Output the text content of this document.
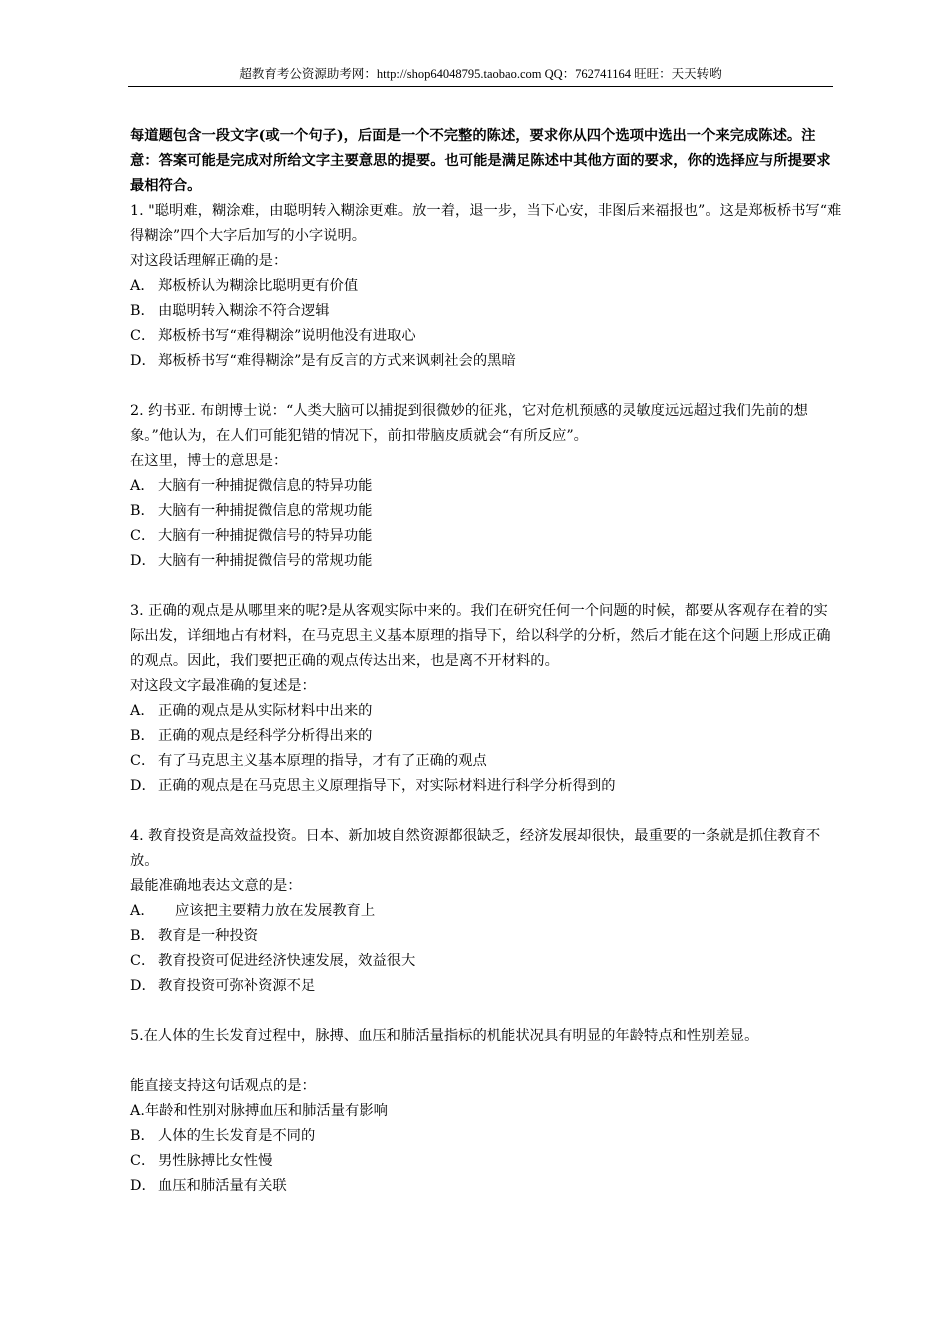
超教育考公资源助考网：http://shop64048795.taobao.com QQ：762741164 旺旺：天天转哟
每道题包含一段文字(或一个句子)，后面是一个不完整的陈述，要求你从四个选项中选出一个来完成陈述。注意：答案可能是完成对所给文字主要意思的提要。也可能是满足陈述中其他方面的要求，你的选择应与所提要求最相符合。
1. "聪明难，糊涂难，由聪明转入糊涂更难。放一着，退一步，当下心安，非图后来福报也”。这是郑板桥书写“难得糊涂”四个大字后加写的小字说明。
对这段话理解正确的是：
A． 郑板桥认为糊涂比聪明更有价值
B． 由聪明转入糊涂不符合逻辑
C． 郑板桥书写“难得糊涂”说明他没有进取心
D． 郑板桥书写“难得糊涂”是有反言的方式来讽刺社会的黑暗
2. 约书亚. 布朗博士说：“人类大脑可以捕捉到很微妙的征兆，它对危机预感的灵敏度远远超过我们先前的想象。”他认为，在人们可能犯错的情况下，前扣带脑皮质就会“有所反应”。
在这里，博士的意思是：
A． 大脑有一种捕捉微信息的特异功能
B． 大脑有一种捕捉微信息的常规功能
C． 大脑有一种捕捉微信号的特异功能
D． 大脑有一种捕捉微信号的常规功能
3. 正确的观点是从哪里来的呢?是从客观实际中来的。我们在研究任何一个问题的时候，都要从客观存在着的实际出发，详细地占有材料，在马克思主义基本原理的指导下，给以科学的分析，然后才能在这个问题上形成正确的观点。因此，我们要把正确的观点传达出来，也是离不开材料的。
对这段文字最准确的复述是：
A． 正确的观点是从实际材料中出来的
B． 正确的观点是经科学分析得出来的
C． 有了马克思主义基本原理的指导，才有了正确的观点
D． 正确的观点是在马克思主义原理指导下，对实际材料进行科学分析得到的
4. 教育投资是高效益投资。日本、新加坡自然资源都很缺乏，经济发展却很快，最重要的一条就是抓住教育不放。
最能准确地表达文意的是：
A． 应该把主要精力放在发展教育上
B． 教育是一种投资
C． 教育投资可促进经济快速发展，效益很大
D． 教育投资可弥补资源不足
5.在人体的生长发育过程中，脉搏、血压和肺活量指标的机能状况具有明显的年龄特点和性别差显。
能直接支持这句话观点的是：
A.年龄和性别对脉搏血压和肺活量有影响
B． 人体的生长发育是不同的
C． 男性脉搏比女性慢
D． 血压和肺活量有关联
